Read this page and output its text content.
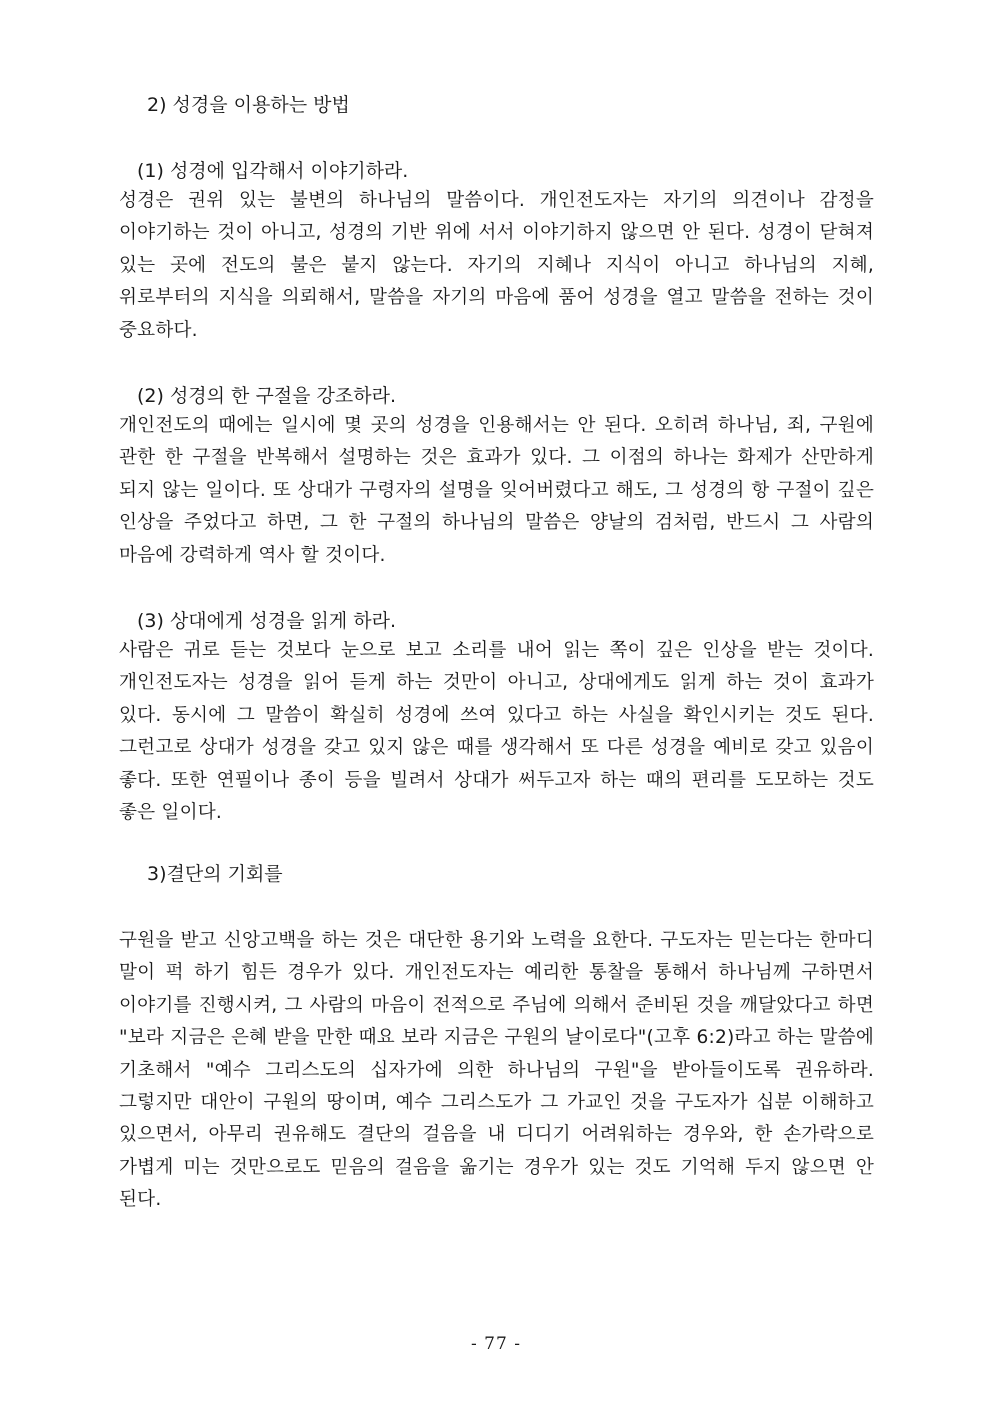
2) 성경을 이용하는 방법
(1) 성경에 입각해서 이야기하라.
성경은 권위 있는 불변의 하나님의 말씀이다. 개인전도자는 자기의 의견이나 감정을 이야기하는 것이 아니고, 성경의 기반 위에 서서 이야기하지 않으면 안 된다. 성경이 닫혀져 있는 곳에 전도의 불은 붙지 않는다. 자기의 지혜나 지식이 아니고 하나님의 지혜, 위로부터의 지식을 의뢰해서, 말씀을 자기의 마음에 품어 성경을 열고 말씀을 전하는 것이 중요하다.
(2) 성경의 한 구절을 강조하라.
개인전도의 때에는 일시에 몇 곳의 성경을 인용해서는 안 된다. 오히려 하나님, 죄, 구원에 관한 한 구절을 반복해서 설명하는 것은 효과가 있다. 그 이점의 하나는 화제가 산만하게 되지 않는 일이다. 또 상대가 구령자의 설명을 잊어버렸다고 해도, 그 성경의 항 구절이 깊은 인상을 주었다고 하면, 그 한 구절의 하나님의 말씀은 양날의 검처럼, 반드시 그 사람의 마음에 강력하게 역사 할 것이다.
(3) 상대에게 성경을 읽게 하라.
사람은 귀로 듣는 것보다 눈으로 보고 소리를 내어 읽는 쪽이 깊은 인상을 받는 것이다. 개인전도자는 성경을 읽어 듣게 하는 것만이 아니고, 상대에게도 읽게 하는 것이 효과가 있다. 동시에 그 말씀이 확실히 성경에 쓰여 있다고 하는 사실을 확인시키는 것도 된다. 그런고로 상대가 성경을 갖고 있지 않은 때를 생각해서 또 다른 성경을 예비로 갖고 있음이 좋다. 또한 연필이나 종이 등을 빌려서 상대가 써두고자 하는 때의 편리를 도모하는 것도 좋은 일이다.
3)결단의 기회를
구원을 받고 신앙고백을 하는 것은 대단한 용기와 노력을 요한다. 구도자는 믿는다는 한마디 말이 퍽 하기 힘든 경우가 있다. 개인전도자는 예리한 통찰을 통해서 하나님께 구하면서 이야기를 진행시켜, 그 사람의 마음이 전적으로 주님에 의해서 준비된 것을 깨달았다고 하면 "보라 지금은 은혜 받을 만한 때요 보라 지금은 구원의 날이로다"(고후 6:2)라고 하는 말씀에 기초해서 "예수 그리스도의 십자가에 의한 하나님의 구원"을 받아들이도록 권유하라. 그렇지만 대안이 구원의 땅이며, 예수 그리스도가 그 가교인 것을 구도자가 십분 이해하고 있으면서, 아무리 권유해도 결단의 걸음을 내 디디기 어려워하는 경우와, 한 손가락으로 가볍게 미는 것만으로도 믿음의 걸음을 옮기는 경우가 있는 것도 기억해 두지 않으면 안 된다.
- 77 -
